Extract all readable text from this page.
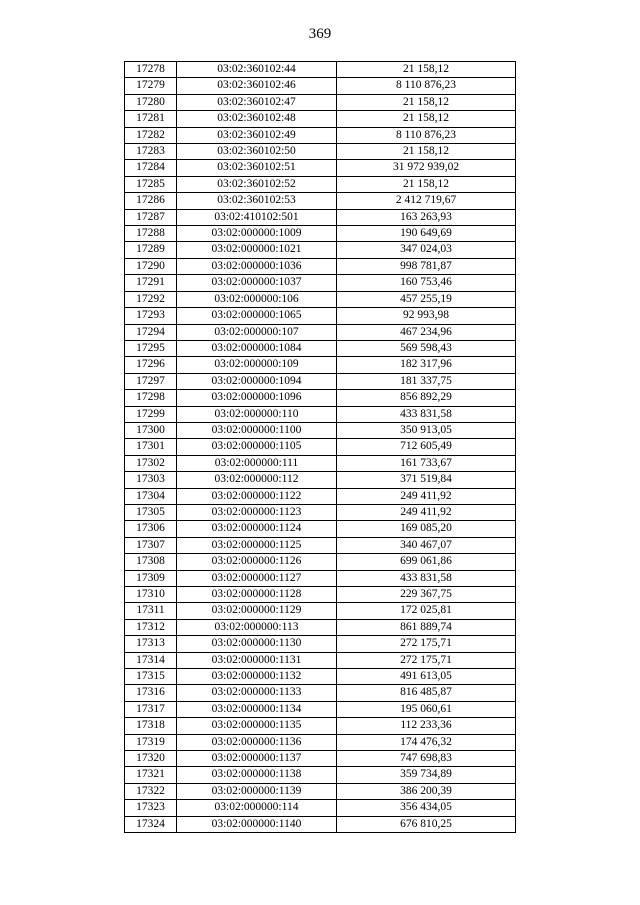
369
17278	03:02:360102:44	21 158,12
17279	03:02:360102:46	8 110 876,23
17280	03:02:360102:47	21 158,12
17281	03:02:360102:48	21 158,12
17282	03:02:360102:49	8 110 876,23
17283	03:02:360102:50	21 158,12
17284	03:02:360102:51	31 972 939,02
17285	03:02:360102:52	21 158,12
17286	03:02:360102:53	2 412 719,67
17287	03:02:410102:501	163 263,93
17288	03:02:000000:1009	190 649,69
17289	03:02:000000:1021	347 024,03
17290	03:02:000000:1036	998 781,87
17291	03:02:000000:1037	160 753,46
17292	03:02:000000:106	457 255,19
17293	03:02:000000:1065	92 993,98
17294	03:02:000000:107	467 234,96
17295	03:02:000000:1084	569 598,43
17296	03:02:000000:109	182 317,96
17297	03:02:000000:1094	181 337,75
17298	03:02:000000:1096	856 892,29
17299	03:02:000000:110	433 831,58
17300	03:02:000000:1100	350 913,05
17301	03:02:000000:1105	712 605,49
17302	03:02:000000:111	161 733,67
17303	03:02:000000:112	371 519,84
17304	03:02:000000:1122	249 411,92
17305	03:02:000000:1123	249 411,92
17306	03:02:000000:1124	169 085,20
17307	03:02:000000:1125	340 467,07
17308	03:02:000000:1126	699 061,86
17309	03:02:000000:1127	433 831,58
17310	03:02:000000:1128	229 367,75
17311	03:02:000000:1129	172 025,81
17312	03:02:000000:113	861 889,74
17313	03:02:000000:1130	272 175,71
17314	03:02:000000:1131	272 175,71
17315	03:02:000000:1132	491 613,05
17316	03:02:000000:1133	816 485,87
17317	03:02:000000:1134	195 060,61
17318	03:02:000000:1135	112 233,36
17319	03:02:000000:1136	174 476,32
17320	03:02:000000:1137	747 698,83
17321	03:02:000000:1138	359 734,89
17322	03:02:000000:1139	386 200,39
17323	03:02:000000:114	356 434,05
17324	03:02:000000:1140	676 810,25
